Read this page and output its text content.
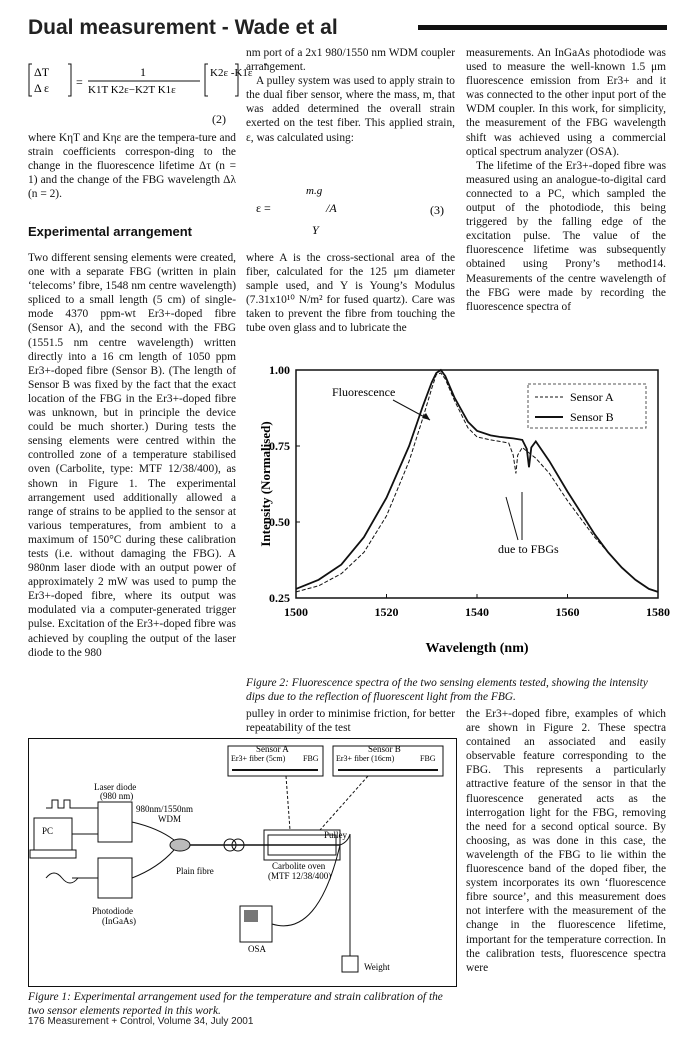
Dual measurement - Wade et al
ΔT
Δ ε =
1
K1T K2ε−K2T K1ε
K2ε -K1ε
(2)

where KηT and Kηε are the tempera-ture and strain coefficients correspon-ding to the change in the fluorescence lifetime Δτ (n = 1) and the change of the FBG wavelength Δλ (n = 2).

Experimental arrangement

Two different sensing elements were created, one with a separate FBG (written in plain ‘telecoms’ fibre, 1548 nm centre wavelength) spliced to a small length (5 cm) of single-mode 4370 ppm-wt Er3+-doped fibre (Sensor A), and the second with the FBG (1551.5 nm centre wavelength) written directly into a 16 cm length of 1050 ppm Er3+-doped fibre (Sensor B). (The length of Sensor B was fixed by the fact that the exact location of the FBG in the Er3+-doped fibre was unknown, but in principle the device could be much shorter.) During tests the sensing elements were centred within the controlled zone of a temperature stabilised oven (Carbolite, type: MTF 12/38/400), as shown in Figure 1. The experimental arrangement used additionally allowed a range of strains to be applied to the sensor at various temperatures, from ambient to a maximum of 150°C during these calibration tests (i.e. without damaging the FBG). A 980nm laser diode with an output power of approximately 2 mW was used to pump the Er3+-doped fibre, where its output was modulated via a computer-generated trigger pulse. Excitation of the Er3+-doped fibre was achieved by coupling the output of the laser diode to the 980

nm port of a 2x1 980/1550 nm WDM coupler arrangement.

A pulley system was used to apply strain to the dual fiber sensor, where the mass, m, that was added determined the overall strain exerted on the test fiber. This applied strain, ε, was calculated using:

ε =
m.g
/A
Y
(3)

where A is the cross-sectional area of the fiber, calculated for the 125 μm diameter sample used, and Y is Young’s Modulus (7.31x10¹⁰ N/m² for fused quartz). Care was taken to prevent the fibre from touching the tube oven glass and to lubricate the

measurements. An InGaAs photodiode was used to measure the well-known 1.5 μm fluorescence emission from Er3+ and it was connected to the other input port of the WDM coupler. In this work, for simplicity, the measurement of the FBG wavelength shift was achieved using a commercial optical spectrum analyzer (OSA).

The lifetime of the Er3+-doped fibre was measured using an analogue-to-digital card connected to a PC, which sampled the output of the photodiode, this being triggered by the falling edge of the excitation pulse. The value of the fluorescence lifetime was subsequently obtained using Prony’s method14. Measurements of the centre wavelength of the FBG were made by recording the fluorescence spectra of

Intensity (Normalised)
Wavelength (nm)
Sensor A
Sensor B
Fluorescence
due to FBGs
1500	1520	1540	1560	1580
0.25
0.50
0.75
1.00
Figure 2: Fluorescence spectra of the two sensing elements tested, showing the intensity dips due to the reflection of fluorescent light from the FBG.

pulley in order to minimise friction, for better repeatability of the test

the Er3+-doped fibre, examples of which are shown in Figure 2. These spectra contained an associated and easily observable feature corresponding to the FBG. This represents a particularly attractive feature of the sensor in that the fluorescence generated acts as the interrogation light for the FBG, removing the need for a second optical source. By choosing, as was done in this case, the wavelength of the FBG to lie within the fluorescence band of the doped fiber, the system incorporates its own ‘fluorescence fibre source’, and this measurement does not interfere with the measurement of the change in the fluorescence lifetime, important for the temperature correction. In the calibration tests, fluorescence spectra were

Sensor A
Er3+ fiber (5cm) FBG
Sensor B
Er3+ fiber (16cm)	FBG
Laser diode
(980 nm)
980nm/1550nm
WDM
PC
Photodiode
(InGaAs)
Plain fibre	Carbolite oven
(MTF 12/38/400)
Pulley
OSA
Weight
Figure 1: Experimental arrangement used for the temperature and strain calibration of the two sensor elements reported in this work.
176 Measurement + Control, Volume 34, July 2001
